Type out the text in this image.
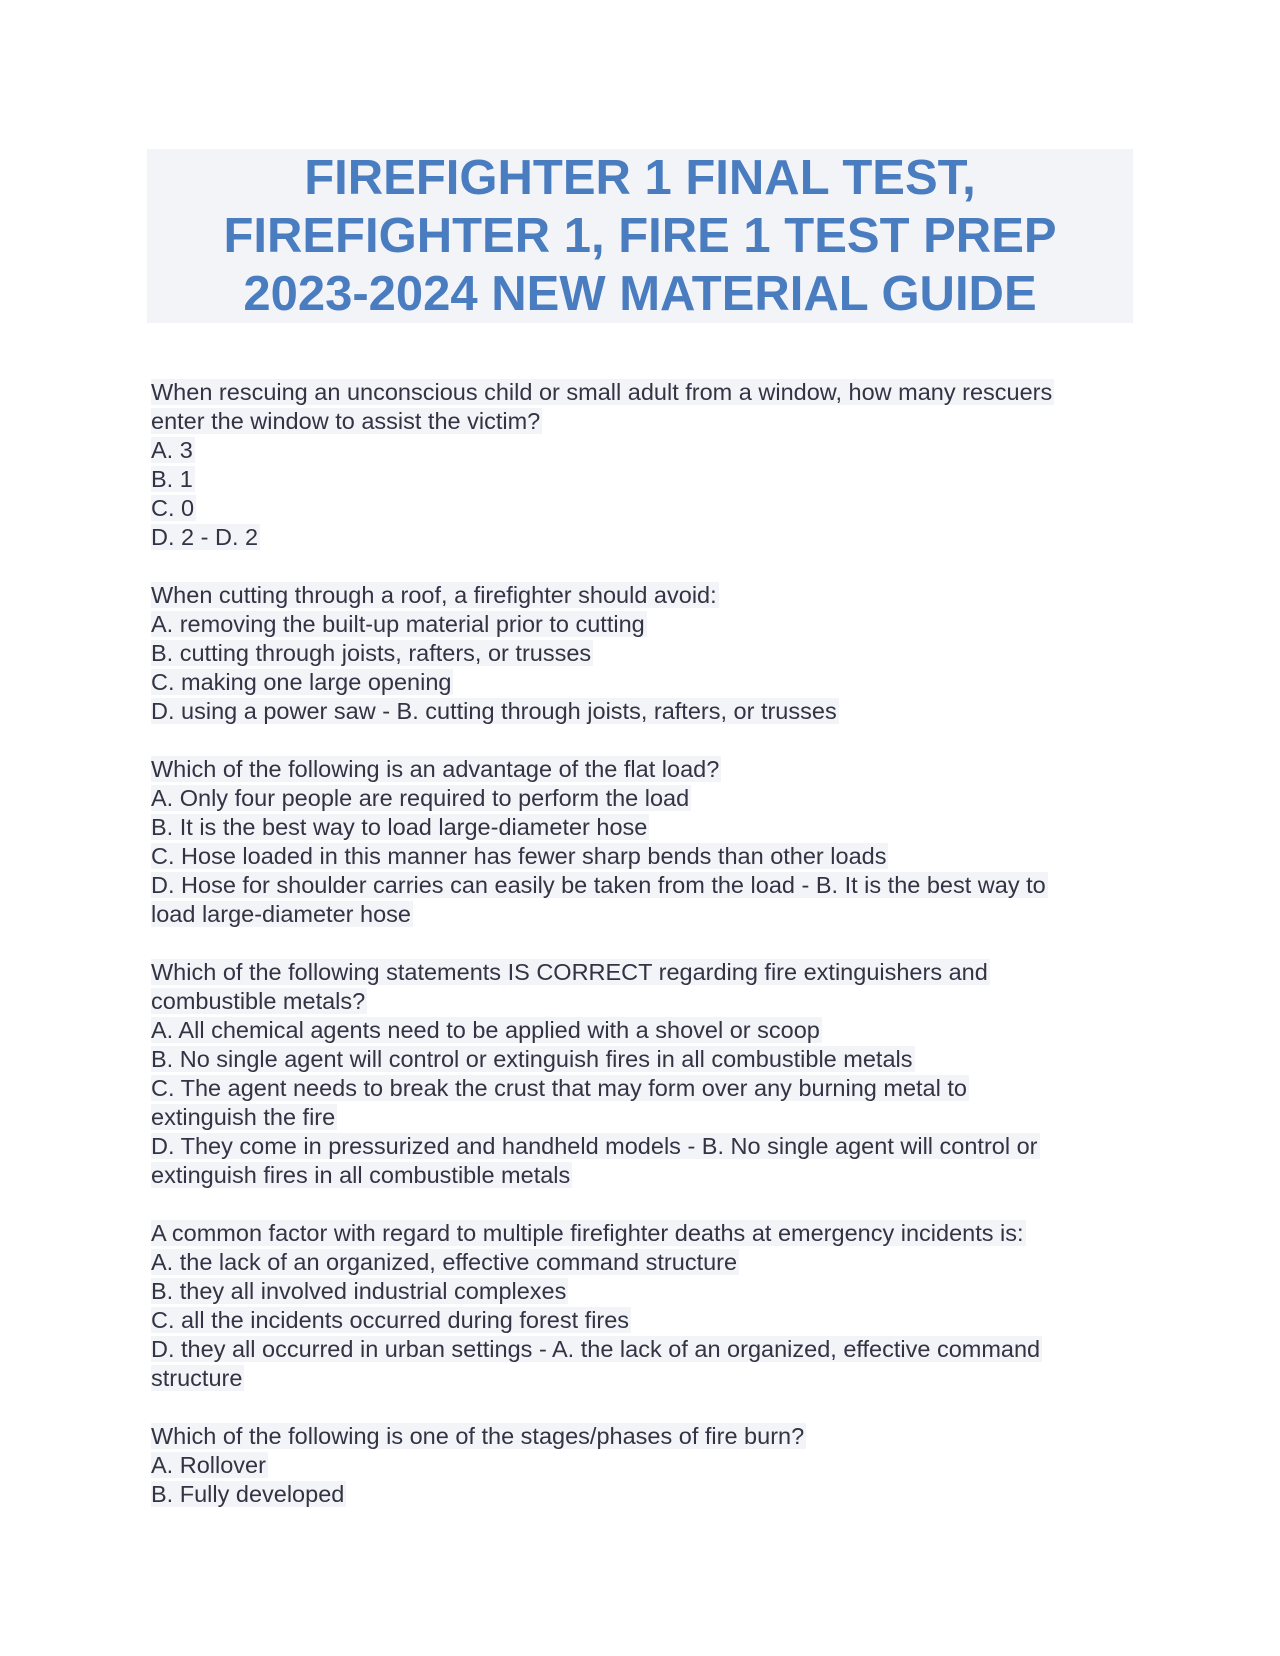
FIREFIGHTER 1 FINAL TEST,
FIREFIGHTER 1, FIRE 1 TEST PREP
2023-2024 NEW MATERIAL GUIDE
When rescuing an unconscious child or small adult from a window, how many rescuers
enter the window to assist the victim?
A. 3
B. 1
C. 0
D. 2 - D. 2
When cutting through a roof, a firefighter should avoid:
A. removing the built-up material prior to cutting
B. cutting through joists, rafters, or trusses
C. making one large opening
D. using a power saw - B. cutting through joists, rafters, or trusses
Which of the following is an advantage of the flat load?
A. Only four people are required to perform the load
B. It is the best way to load large-diameter hose
C. Hose loaded in this manner has fewer sharp bends than other loads
D. Hose for shoulder carries can easily be taken from the load - B. It is the best way to
load large-diameter hose
Which of the following statements IS CORRECT regarding fire extinguishers and
combustible metals?
A. All chemical agents need to be applied with a shovel or scoop
B. No single agent will control or extinguish fires in all combustible metals
C. The agent needs to break the crust that may form over any burning metal to
extinguish the fire
D. They come in pressurized and handheld models - B. No single agent will control or
extinguish fires in all combustible metals
A common factor with regard to multiple firefighter deaths at emergency incidents is:
A. the lack of an organized, effective command structure
B. they all involved industrial complexes
C. all the incidents occurred during forest fires
D. they all occurred in urban settings - A. the lack of an organized, effective command
structure
Which of the following is one of the stages/phases of fire burn?
A. Rollover
B. Fully developed
